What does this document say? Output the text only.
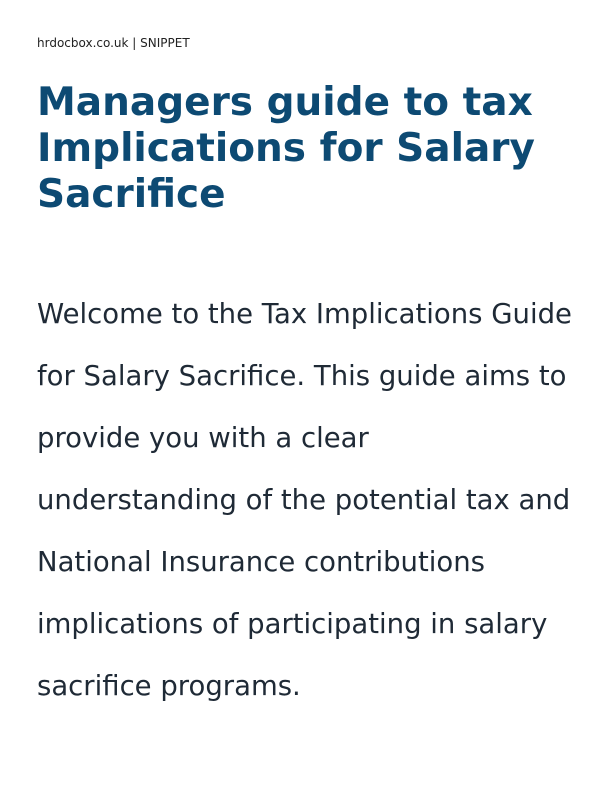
hrdocbox.co.uk | SNIPPET
Managers guide to tax Implications for Salary Sacrifice

Welcome to the Tax Implications Guide for Salary Sacrifice. This guide aims to provide you with a clear understanding of the potential tax and National Insurance contributions implications of participating in salary sacrifice programs.
